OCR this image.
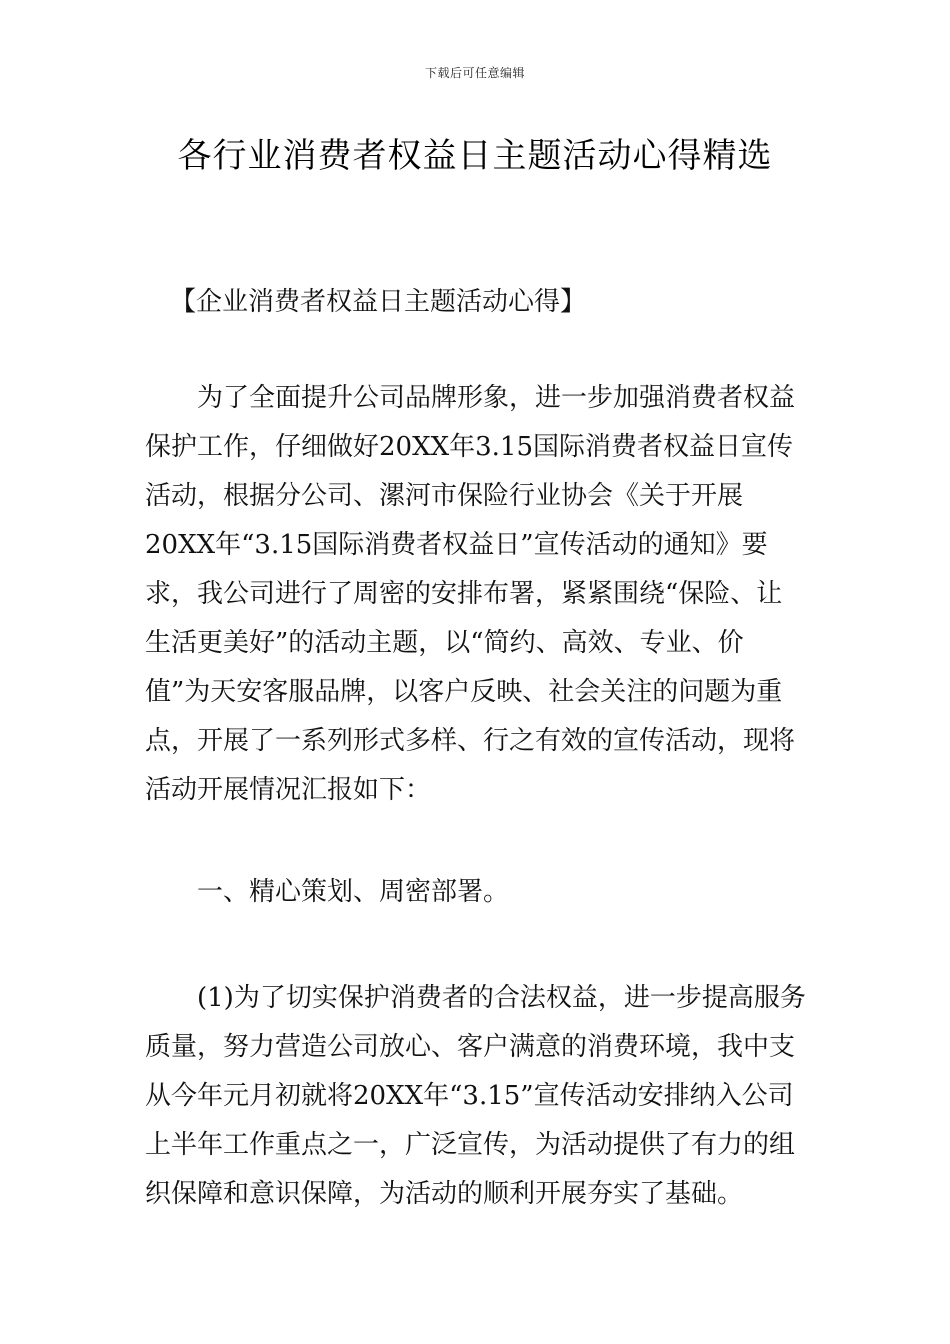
下载后可任意编辑
各行业消费者权益日主题活动心得精选

【企业消费者权益日主题活动心得】

为了全面提升公司品牌形象，进一步加强消费者权益保护工作，仔细做好20XX年3.15国际消费者权益日宣传活动，根据分公司、漯河市保险行业协会《关于开展20XX年“3.15国际消费者权益日”宣传活动的通知》要求，我公司进行了周密的安排布署，紧紧围绕“保险、让生活更美好”的活动主题，以“简约、高效、专业、价值”为天安客服品牌，以客户反映、社会关注的问题为重点，开展了一系列形式多样、行之有效的宣传活动，现将活动开展情况汇报如下：

一、精心策划、周密部署。

(1)为了切实保护消费者的合法权益，进一步提高服务质量，努力营造公司放心、客户满意的消费环境，我中支从今年元月初就将20XX年“3.15”宣传活动安排纳入公司上半年工作重点之一，广泛宣传，为活动提供了有力的组织保障和意识保障，为活动的顺利开展夯实了基础。
